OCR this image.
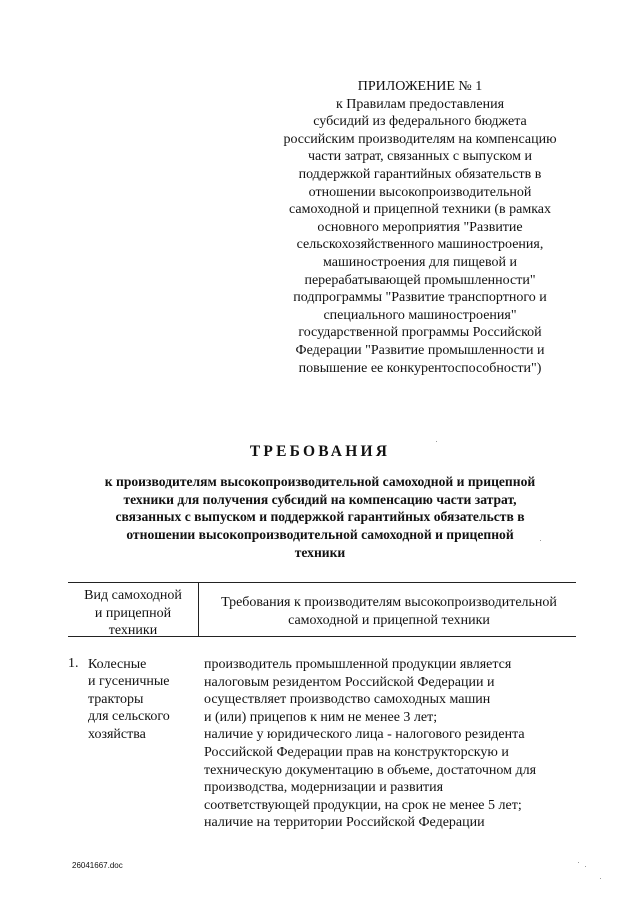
ПРИЛОЖЕНИЕ № 1
к Правилам предоставления
субсидий из федерального бюджета
российским производителям на компенсацию
части затрат, связанных с выпуском и
поддержкой гарантийных обязательств в
отношении высокопроизводительной
самоходной и прицепной техники (в рамках
основного мероприятия "Развитие
сельскохозяйственного машиностроения,
машиностроения для пищевой и
перерабатывающей промышленности"
подпрограммы "Развитие транспортного и
специального машиностроения"
государственной программы Российской
Федерации "Развитие промышленности и
повышение ее конкурентоспособности")
ТРЕБОВАНИЯ
к производителям высокопроизводительной самоходной и прицепной
техники для получения субсидий на компенсацию части затрат,
связанных с выпуском и поддержкой гарантийных обязательств в
отношении высокопроизводительной самоходной и прицепной
техники
Вид самоходной
и прицепной
техники
Требования к производителям высокопроизводительной
самоходной и прицепной техники
1. Колесные
и гусеничные
тракторы
для сельского
хозяйства
производитель промышленной продукции является
налоговым резидентом Российской Федерации и
осуществляет производство самоходных машин
и (или) прицепов к ним не менее 3 лет;
наличие у юридического лица - налогового резидента
Российской Федерации прав на конструкторскую и
техническую документацию в объеме, достаточном для
производства, модернизации и развития
соответствующей продукции, на срок не менее 5 лет;
наличие на территории Российской Федерации
26041667.doc
